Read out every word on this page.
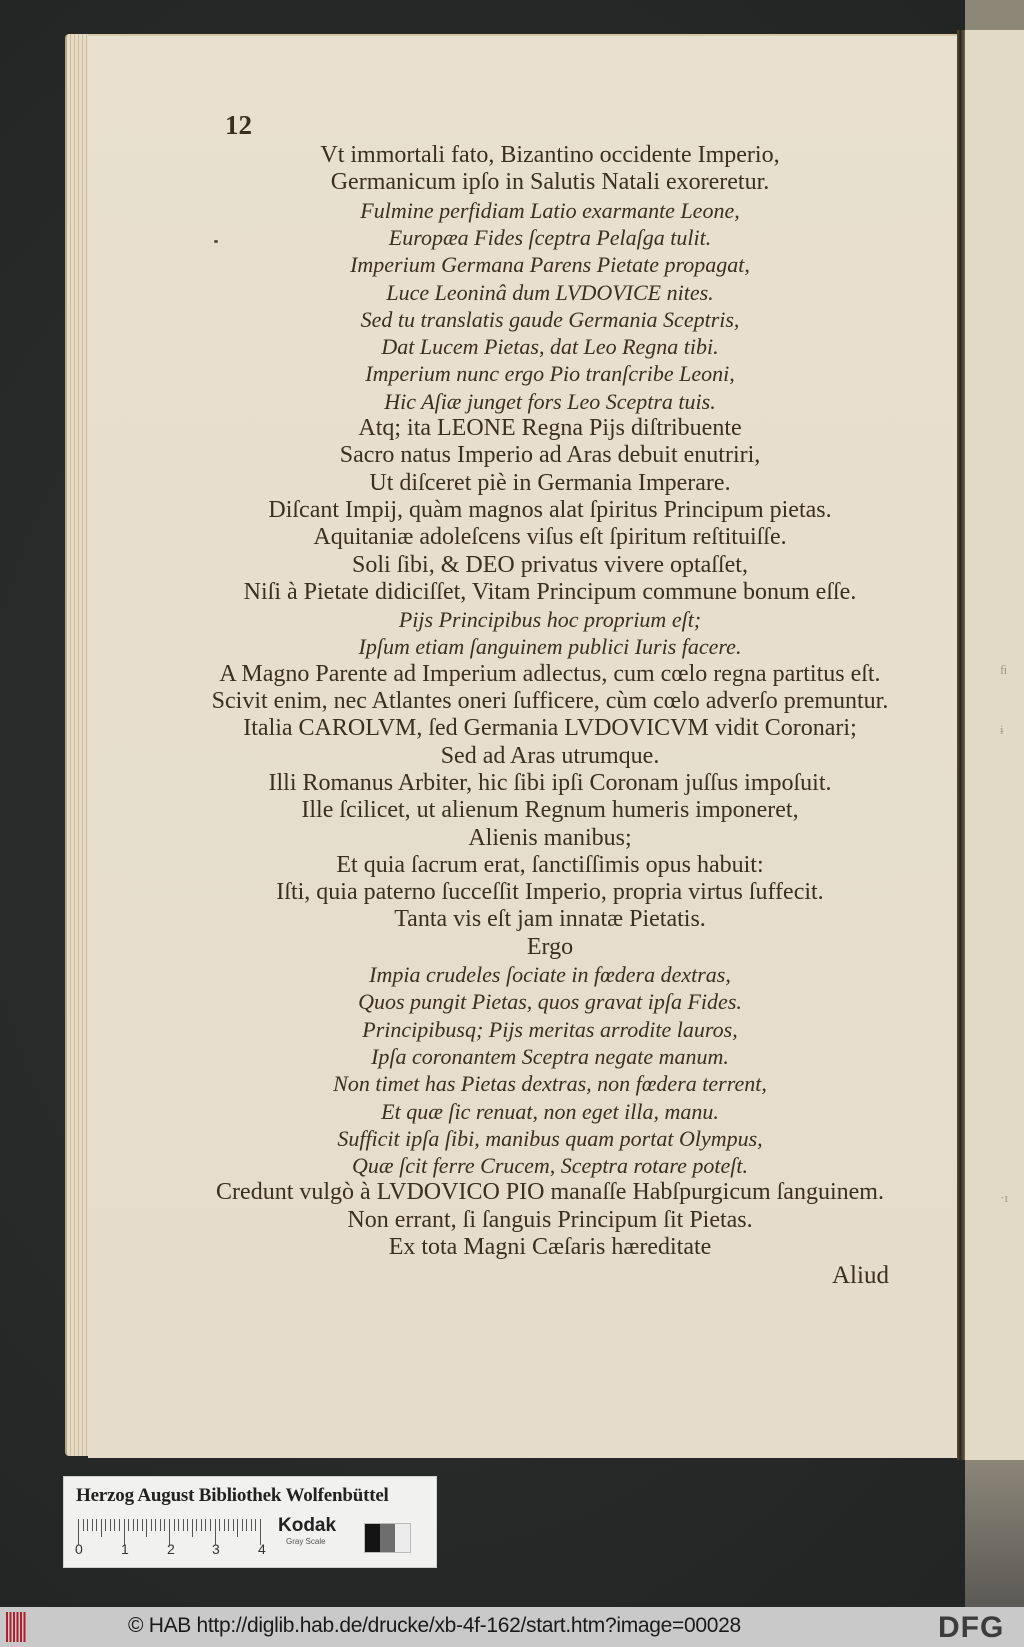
ﬁ
ɨ
·ɪ
12
Vt immortali fato, Bizantino occidente Imperio,
Germanicum ipſo in Salutis Natali exoreretur.
Fulmine perfidiam Latio exarmante Leone,
Europæa Fides ſceptra Pelaſga tulit.
Imperium Germana Parens Pietate propagat,
Luce Leoninâ dum LVDOVICE nites.
Sed tu translatis gaude Germania Sceptris,
Dat Lucem Pietas, dat Leo Regna tibi.
Imperium nunc ergo Pio tranſcribe Leoni,
Hic Aſiæ junget fors Leo Sceptra tuis.
Atq; ita LEONE Regna Pijs diſtribuente
Sacro natus Imperio ad Aras debuit enutriri,
Ut diſceret piè in Germania Imperare.
Diſcant Impij, quàm magnos alat ſpiritus Principum pietas.
Aquitaniæ adoleſcens viſus eſt ſpiritum reſtituiſſe.
Soli ſibi, & DEO privatus vivere optaſſet,
Niſi à Pietate didiciſſet, Vitam Principum commune bonum eſſe.
Pijs Principibus hoc proprium eſt;
Ipſum etiam ſanguinem publici Iuris facere.
A Magno Parente ad Imperium adlectus, cum cœlo regna partitus eſt.
Scivit enim, nec Atlantes oneri ſufficere, cùm cœlo adverſo premuntur.
Italia CAROLVM, ſed Germania LVDOVICVM vidit Coronari;
Sed ad Aras utrumque.
Illi Romanus Arbiter, hic ſibi ipſi Coronam juſſus impoſuit.
Ille ſcilicet, ut alienum Regnum humeris imponeret,
Alienis manibus;
Et quia ſacrum erat, ſanctiſſimis opus habuit:
Iſti, quia paterno ſucceſſit Imperio, propria virtus ſuffecit.
Tanta vis eſt jam innatæ Pietatis.
Ergo
Impia crudeles ſociate in fœdera dextras,
Quos pungit Pietas, quos gravat ipſa Fides.
Principibusq; Pijs meritas arrodite lauros,
Ipſa coronantem Sceptra negate manum.
Non timet has Pietas dextras, non fœdera terrent,
Et quæ ſic renuat, non eget illa, manu.
Sufficit ipſa ſibi, manibus quam portat Olympus,
Quæ ſcit ferre Crucem, Sceptra rotare poteſt.
Credunt vulgò à LVDOVICO PIO manaſſe Habſpurgicum ſanguinem.
Non errant, ſi ſanguis Principum ſit Pietas.
Ex tota Magni Cæſaris hæreditate
Aliud
Herzog August Bibliothek Wolfenbüttel
0	1	2	3	4
Kodak
Gray Scale
© HAB http://diglib.hab.de/drucke/xb-4f-162/start.htm?image=00028	DFG
